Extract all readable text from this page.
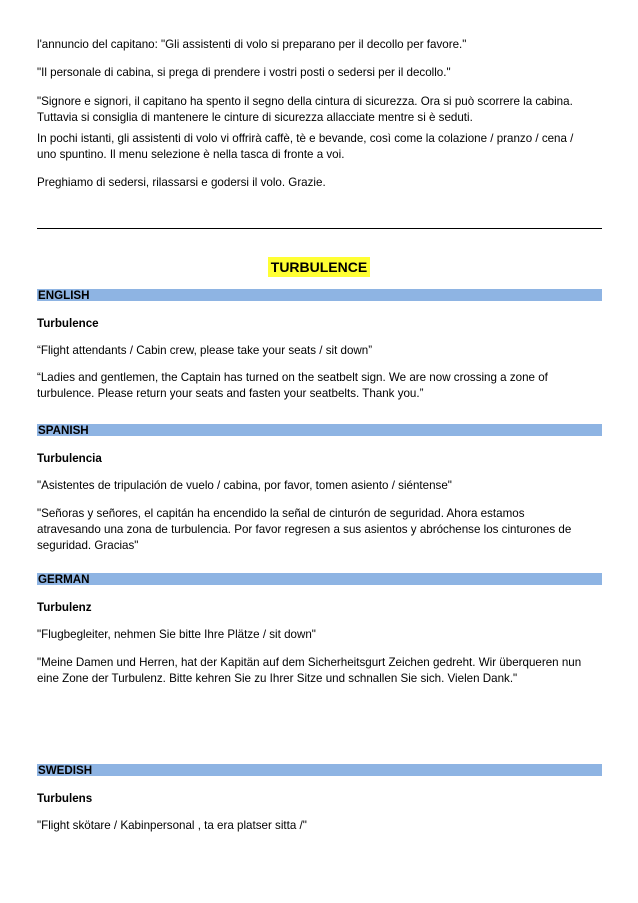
l'annuncio del capitano: "Gli assistenti di volo si preparano per il decollo per favore."

"Il personale di cabina, si prega di prendere i vostri posti o sedersi per il decollo."

"Signore e signori, il capitano ha spento il segno della cintura di sicurezza. Ora si può scorrere la cabina.
Tuttavia si consiglia di mantenere le cinture di sicurezza allacciate mentre si è seduti.
In pochi istanti, gli assistenti di volo vi offrirà caffè, tè e bevande, così come la colazione / pranzo / cena /
uno spuntino. Il menu selezione è nella tasca di fronte a voi.

Preghiamo di sedersi, rilassarsi e godersi il volo. Grazie.

TURBULENCE
ENGLISH

Turbulence

“Flight attendants / Cabin crew, please take your seats / sit down”

“Ladies and gentlemen, the Captain has turned on the seatbelt sign. We are now crossing a zone of
turbulence. Please return your seats and fasten your seatbelts. Thank you.”
SPANISH

Turbulencia

"Asistentes de tripulación de vuelo / cabina, por favor, tomen asiento / siéntense"

"Señoras y señores, el capitán ha encendido la señal de cinturón de seguridad. Ahora estamos
atravesando una zona de turbulencia. Por favor regresen a sus asientos y abróchense los cinturones de
seguridad. Gracias"
GERMAN

Turbulenz

"Flugbegleiter, nehmen Sie bitte Ihre Plätze / sit down"

"Meine Damen und Herren, hat der Kapitän auf dem Sicherheitsgurt Zeichen gedreht. Wir überqueren nun
eine Zone der Turbulenz. Bitte kehren Sie zu Ihrer Sitze und schnallen Sie sich. Vielen Dank."
SWEDISH

Turbulens

"Flight skötare / Kabinpersonal , ta era platser sitta /"
